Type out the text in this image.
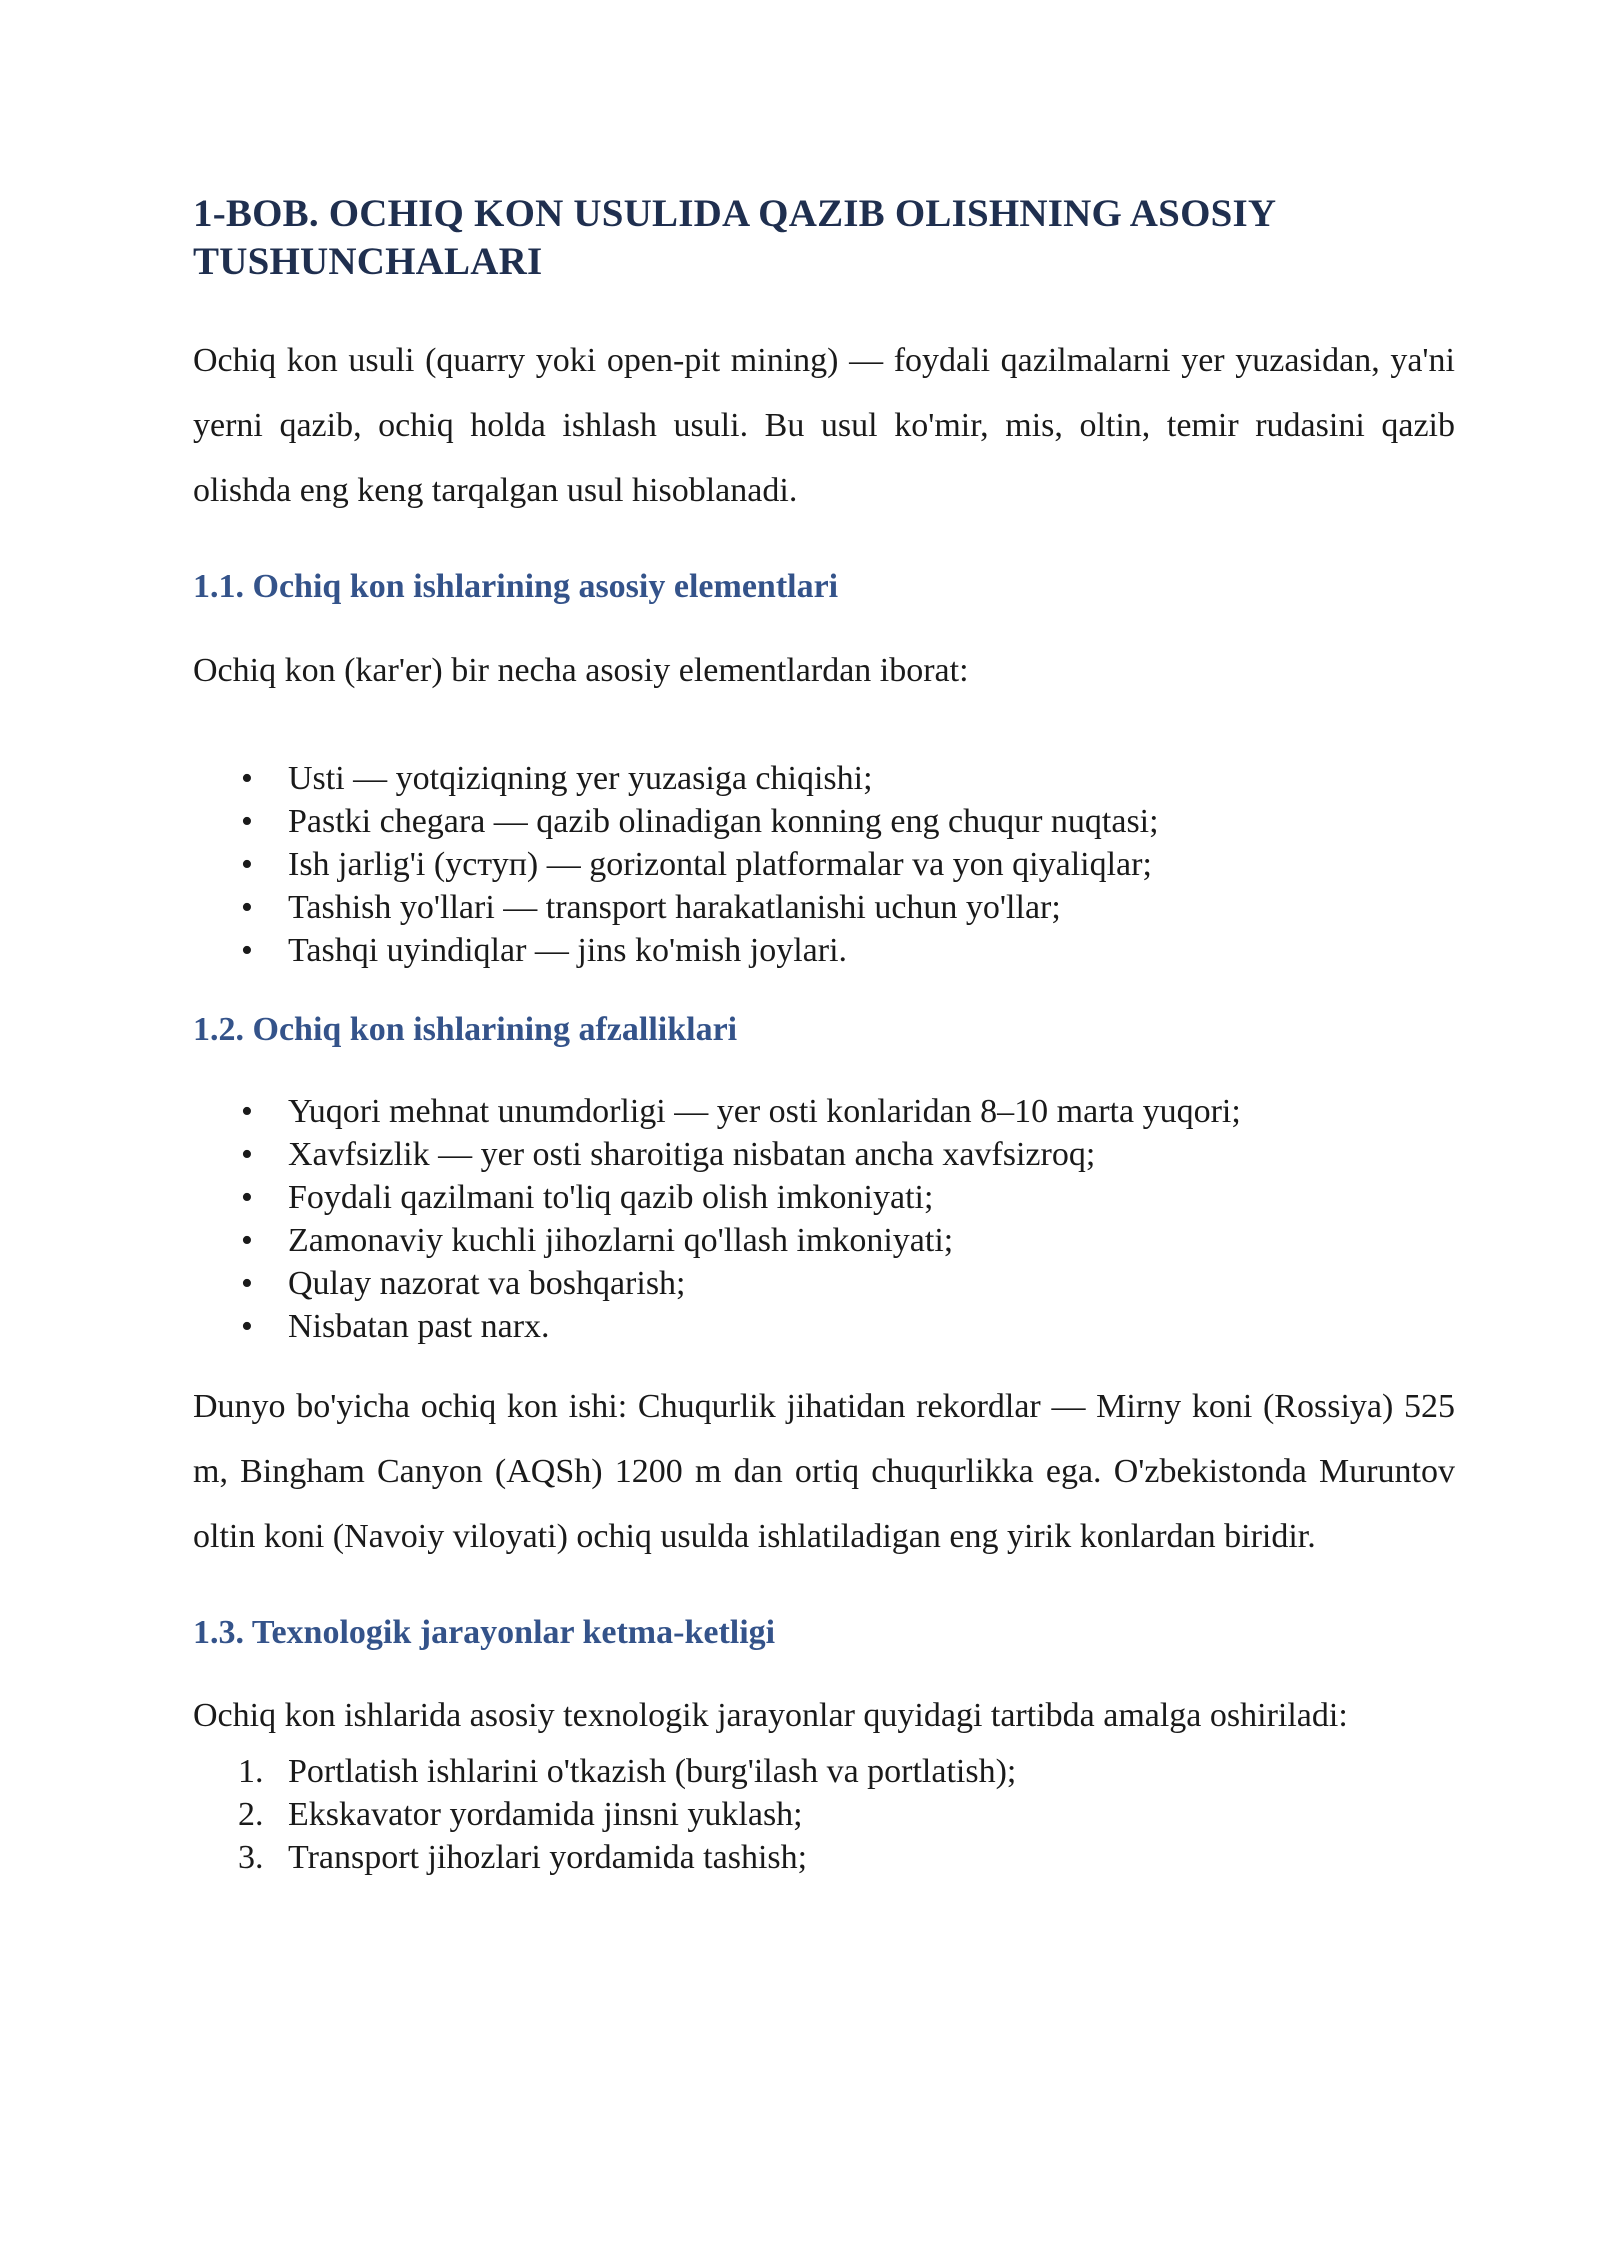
1-BOB. OCHIQ KON USULIDA QAZIB OLISHNING ASOSIY TUSHUNCHALARI

Ochiq kon usuli (quarry yoki open-pit mining) — foydali qazilmalarni yer yuzasidan, ya'ni yerni qazib, ochiq holda ishlash usuli. Bu usul ko'mir, mis, oltin, temir rudasini qazib olishda eng keng tarqalgan usul hisoblanadi.

1.1. Ochiq kon ishlarining asosiy elementlari

Ochiq kon (kar'er) bir necha asosiy elementlardan iborat:

•	Usti — yotqiziqning yer yuzasiga chiqishi;
•	Pastki chegara — qazib olinadigan konning eng chuqur nuqtasi;
•	Ish jarlig'i (уступ) — gorizontal platformalar va yon qiyaliqlar;
•	Tashish yo'llari — transport harakatlanishi uchun yo'llar;
•	Tashqi uyindiqlar — jins ko'mish joylari.
1.2. Ochiq kon ishlarining afzalliklari
•	Yuqori mehnat unumdorligi — yer osti konlaridan 8–10 marta yuqori;
•	Xavfsizlik — yer osti sharoitiga nisbatan ancha xavfsizroq;
•	Foydali qazilmani to'liq qazib olish imkoniyati;
•	Zamonaviy kuchli jihozlarni qo'llash imkoniyati;
•	Qulay nazorat va boshqarish;
•	Nisbatan past narx.

Dunyo bo'yicha ochiq kon ishi: Chuqurlik jihatidan rekordlar — Mirny koni (Rossiya) 525 m, Bingham Canyon (AQSh) 1200 m dan ortiq chuqurlikka ega. O'zbekistonda Muruntov oltin koni (Navoiy viloyati) ochiq usulda ishlatiladigan eng yirik konlardan biridir.

1.3. Texnologik jarayonlar ketma-ketligi

Ochiq kon ishlarida asosiy texnologik jarayonlar quyidagi tartibda amalga oshiriladi:

1. Portlatish ishlarini o'tkazish (burg'ilash va portlatish);
2. Ekskavator yordamida jinsni yuklash;
3. Transport jihozlari yordamida tashish;
